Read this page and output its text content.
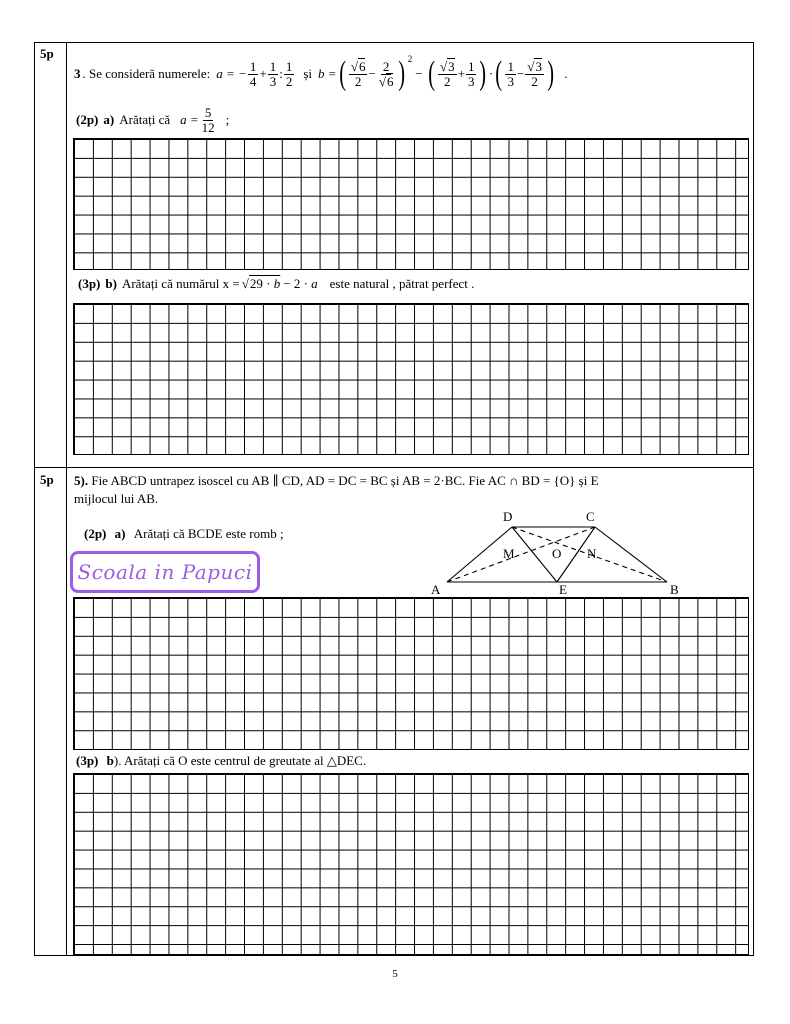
5p
3 . Se consideră numerele: a = − $\frac{1}{4} + \frac{1}{3}$ : $\frac{1}{2}$ și b = ( $\frac{√6}{2} - \frac{2}{√6}$ ) $^2$
− ( $\frac{√3}{2} + \frac{1}{3}$ ) · ( $\frac{1}{3} - \frac{√3}{2}$ ) .
(2p) a) Arătați că $a = \frac{5}{12}$ ;
(3p) b) Arătați că numărul $x = √29 \cdot \overline{b} - 2 \cdot a$ este natural , pătrat perfect .
5p 5). Fie ABCD untrapez isoscel cu AB ∥ CD, AD = DC = BC și AB = 2·BC. Fie AC ∩ BD = {O} și E
mijlocul lui AB.
(2p) a) Arătați că BCDE este romb ;
Scoala in Papuci
D	C
A	B
E
M	O N
(3p) b). Arătați că O este centrul de greutate al △DEC.
5
